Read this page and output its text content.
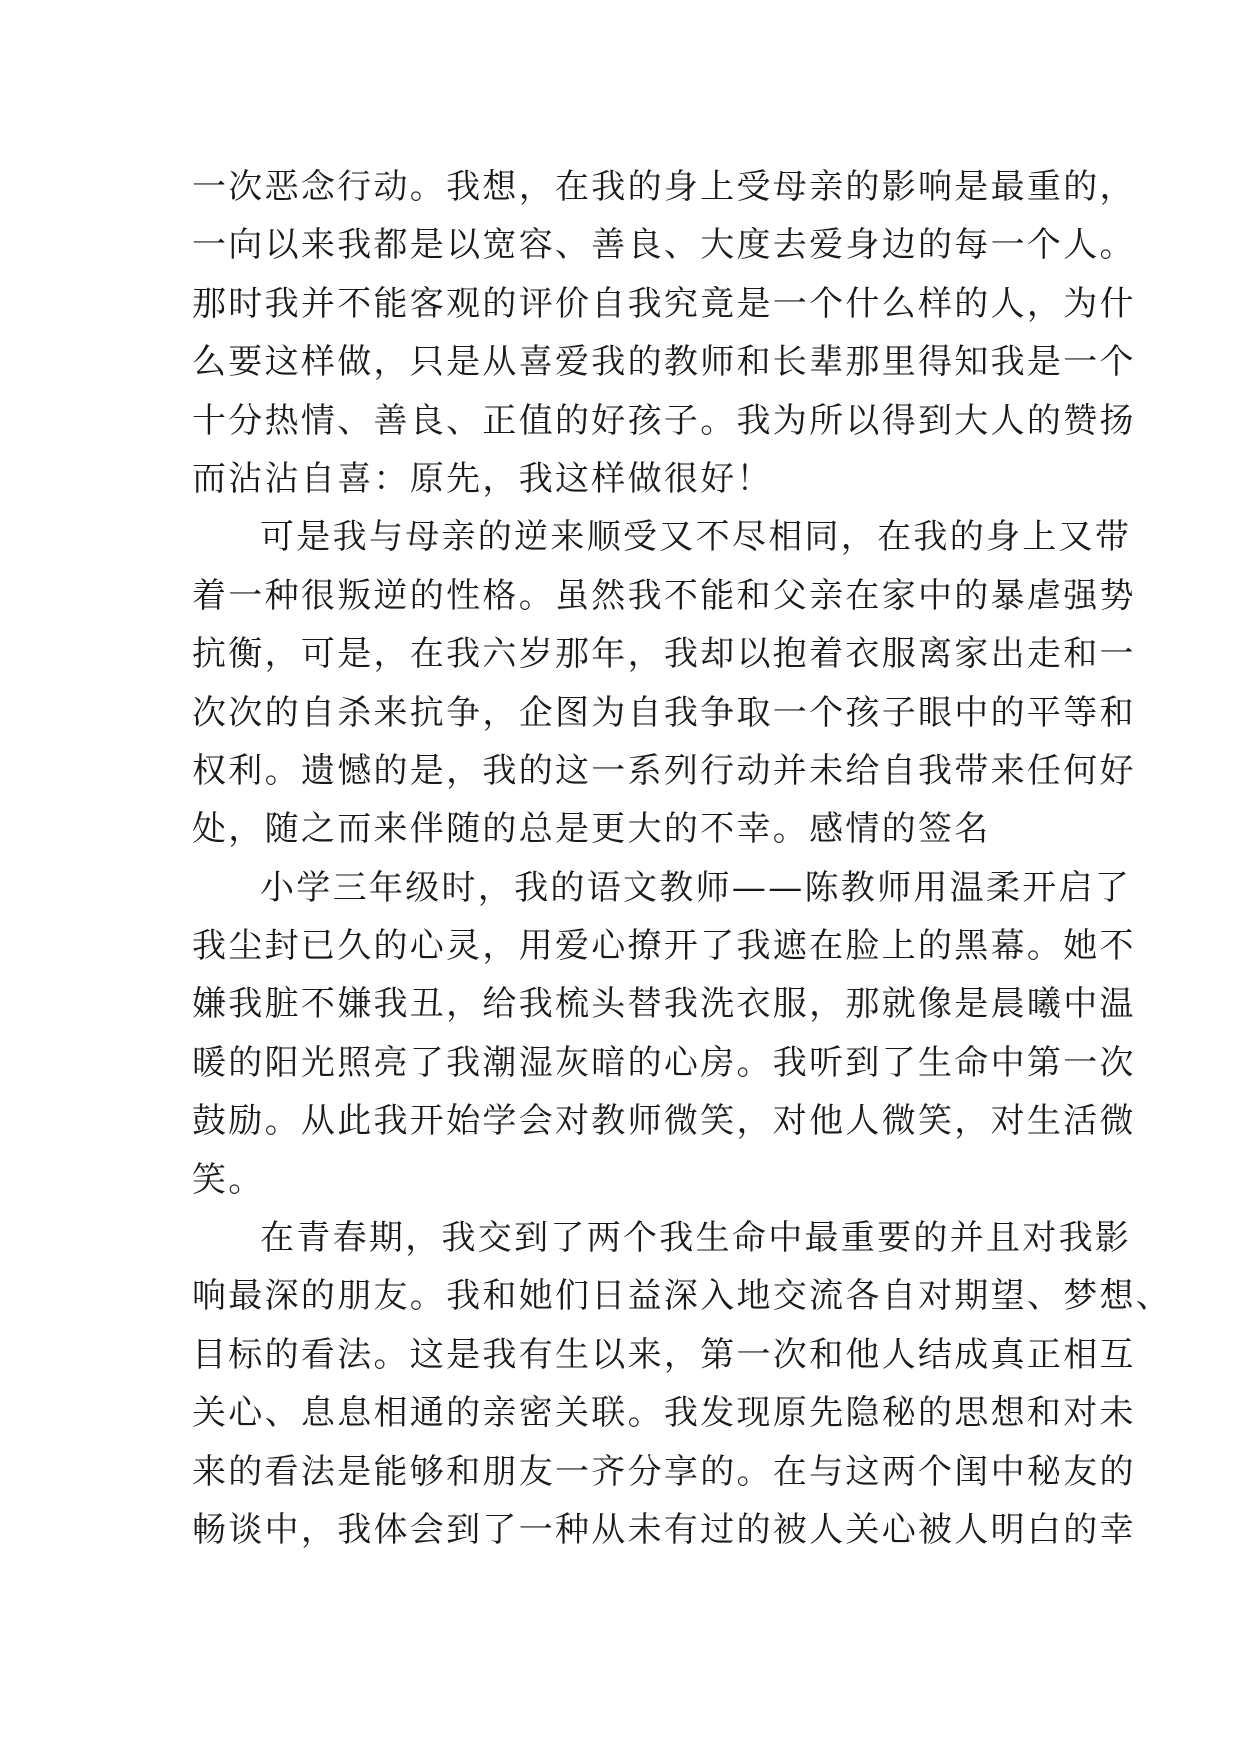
一次恶念行动。我想，在我的身上受母亲的影响是最重的，
一向以来我都是以宽容、善良、大度去爱身边的每一个人。
那时我并不能客观的评价自我究竟是一个什么样的人，为什
么要这样做，只是从喜爱我的教师和长辈那里得知我是一个
十分热情、善良、正值的好孩子。我为所以得到大人的赞扬
而沾沾自喜：原先，我这样做很好！
可是我与母亲的逆来顺受又不尽相同，在我的身上又带
着一种很叛逆的性格。虽然我不能和父亲在家中的暴虐强势
抗衡，可是，在我六岁那年，我却以抱着衣服离家出走和一
次次的自杀来抗争，企图为自我争取一个孩子眼中的平等和
权利。遗憾的是，我的这一系列行动并未给自我带来任何好
处，随之而来伴随的总是更大的不幸。感情的签名
小学三年级时，我的语文教师——陈教师用温柔开启了
我尘封已久的心灵，用爱心撩开了我遮在脸上的黑幕。她不
嫌我脏不嫌我丑，给我梳头替我洗衣服，那就像是晨曦中温
暖的阳光照亮了我潮湿灰暗的心房。我听到了生命中第一次
鼓励。从此我开始学会对教师微笑，对他人微笑，对生活微
笑。
在青春期，我交到了两个我生命中最重要的并且对我影
响最深的朋友。我和她们日益深入地交流各自对期望、梦想、
目标的看法。这是我有生以来，第一次和他人结成真正相互
关心、息息相通的亲密关联。我发现原先隐秘的思想和对未
来的看法是能够和朋友一齐分享的。在与这两个闺中秘友的
畅谈中，我体会到了一种从未有过的被人关心被人明白的幸
